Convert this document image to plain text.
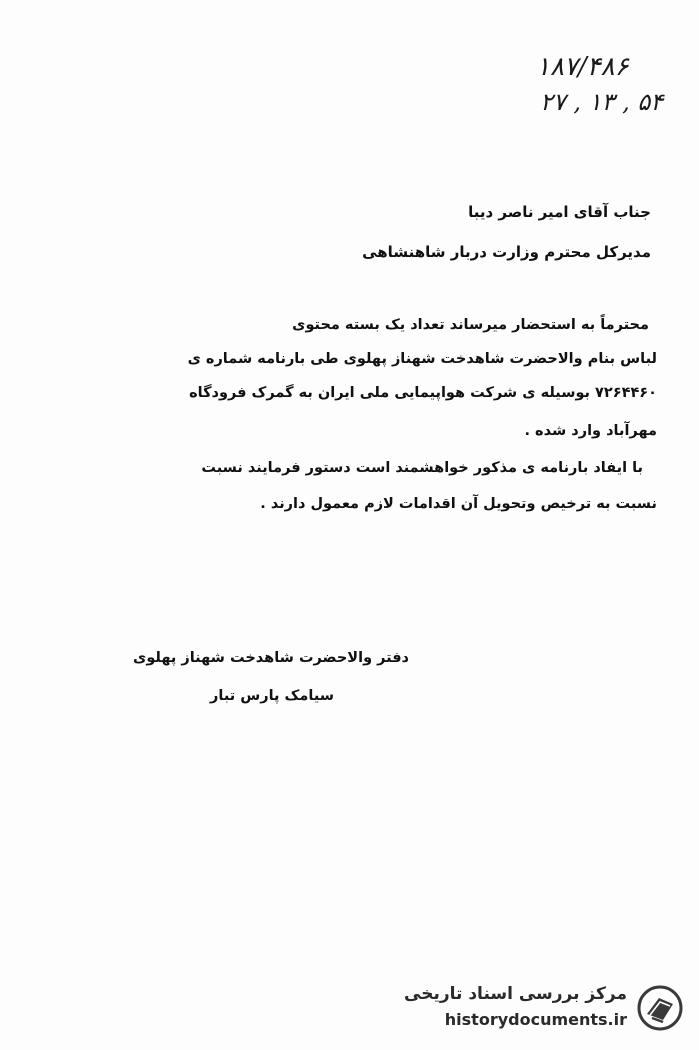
۱۸۷/۴۸۶
۲۷ , ۱۳ , ۵۴
جناب آقای امیر ناصر دیبا
مدیرکل محترم وزارت دربار شاهنشاهی
محترماً به استحضار میرساند تعداد یک بسته محتوی
لباس بنام والاحضرت شاهدخت شهناز پهلوی طی بارنامه شماره ی
۷۲۶۴۴۶۰ بوسیله ی شرکت هواپیمایی ملی ایران به گمرک فرودگاه
مهرآباد وارد شده .
با ایفاد بارنامه ی مذکور خواهشمند است دستور فرمایند نسبت
نسبت به ترخیص وتحویل آن اقدامات لازم معمول دارند .
دفتر والاحضرت شاهدخت شهناز پهلوی
سیامک پارس تبار
مرکز بررسی اسناد تاریخی
historydocuments.ir
